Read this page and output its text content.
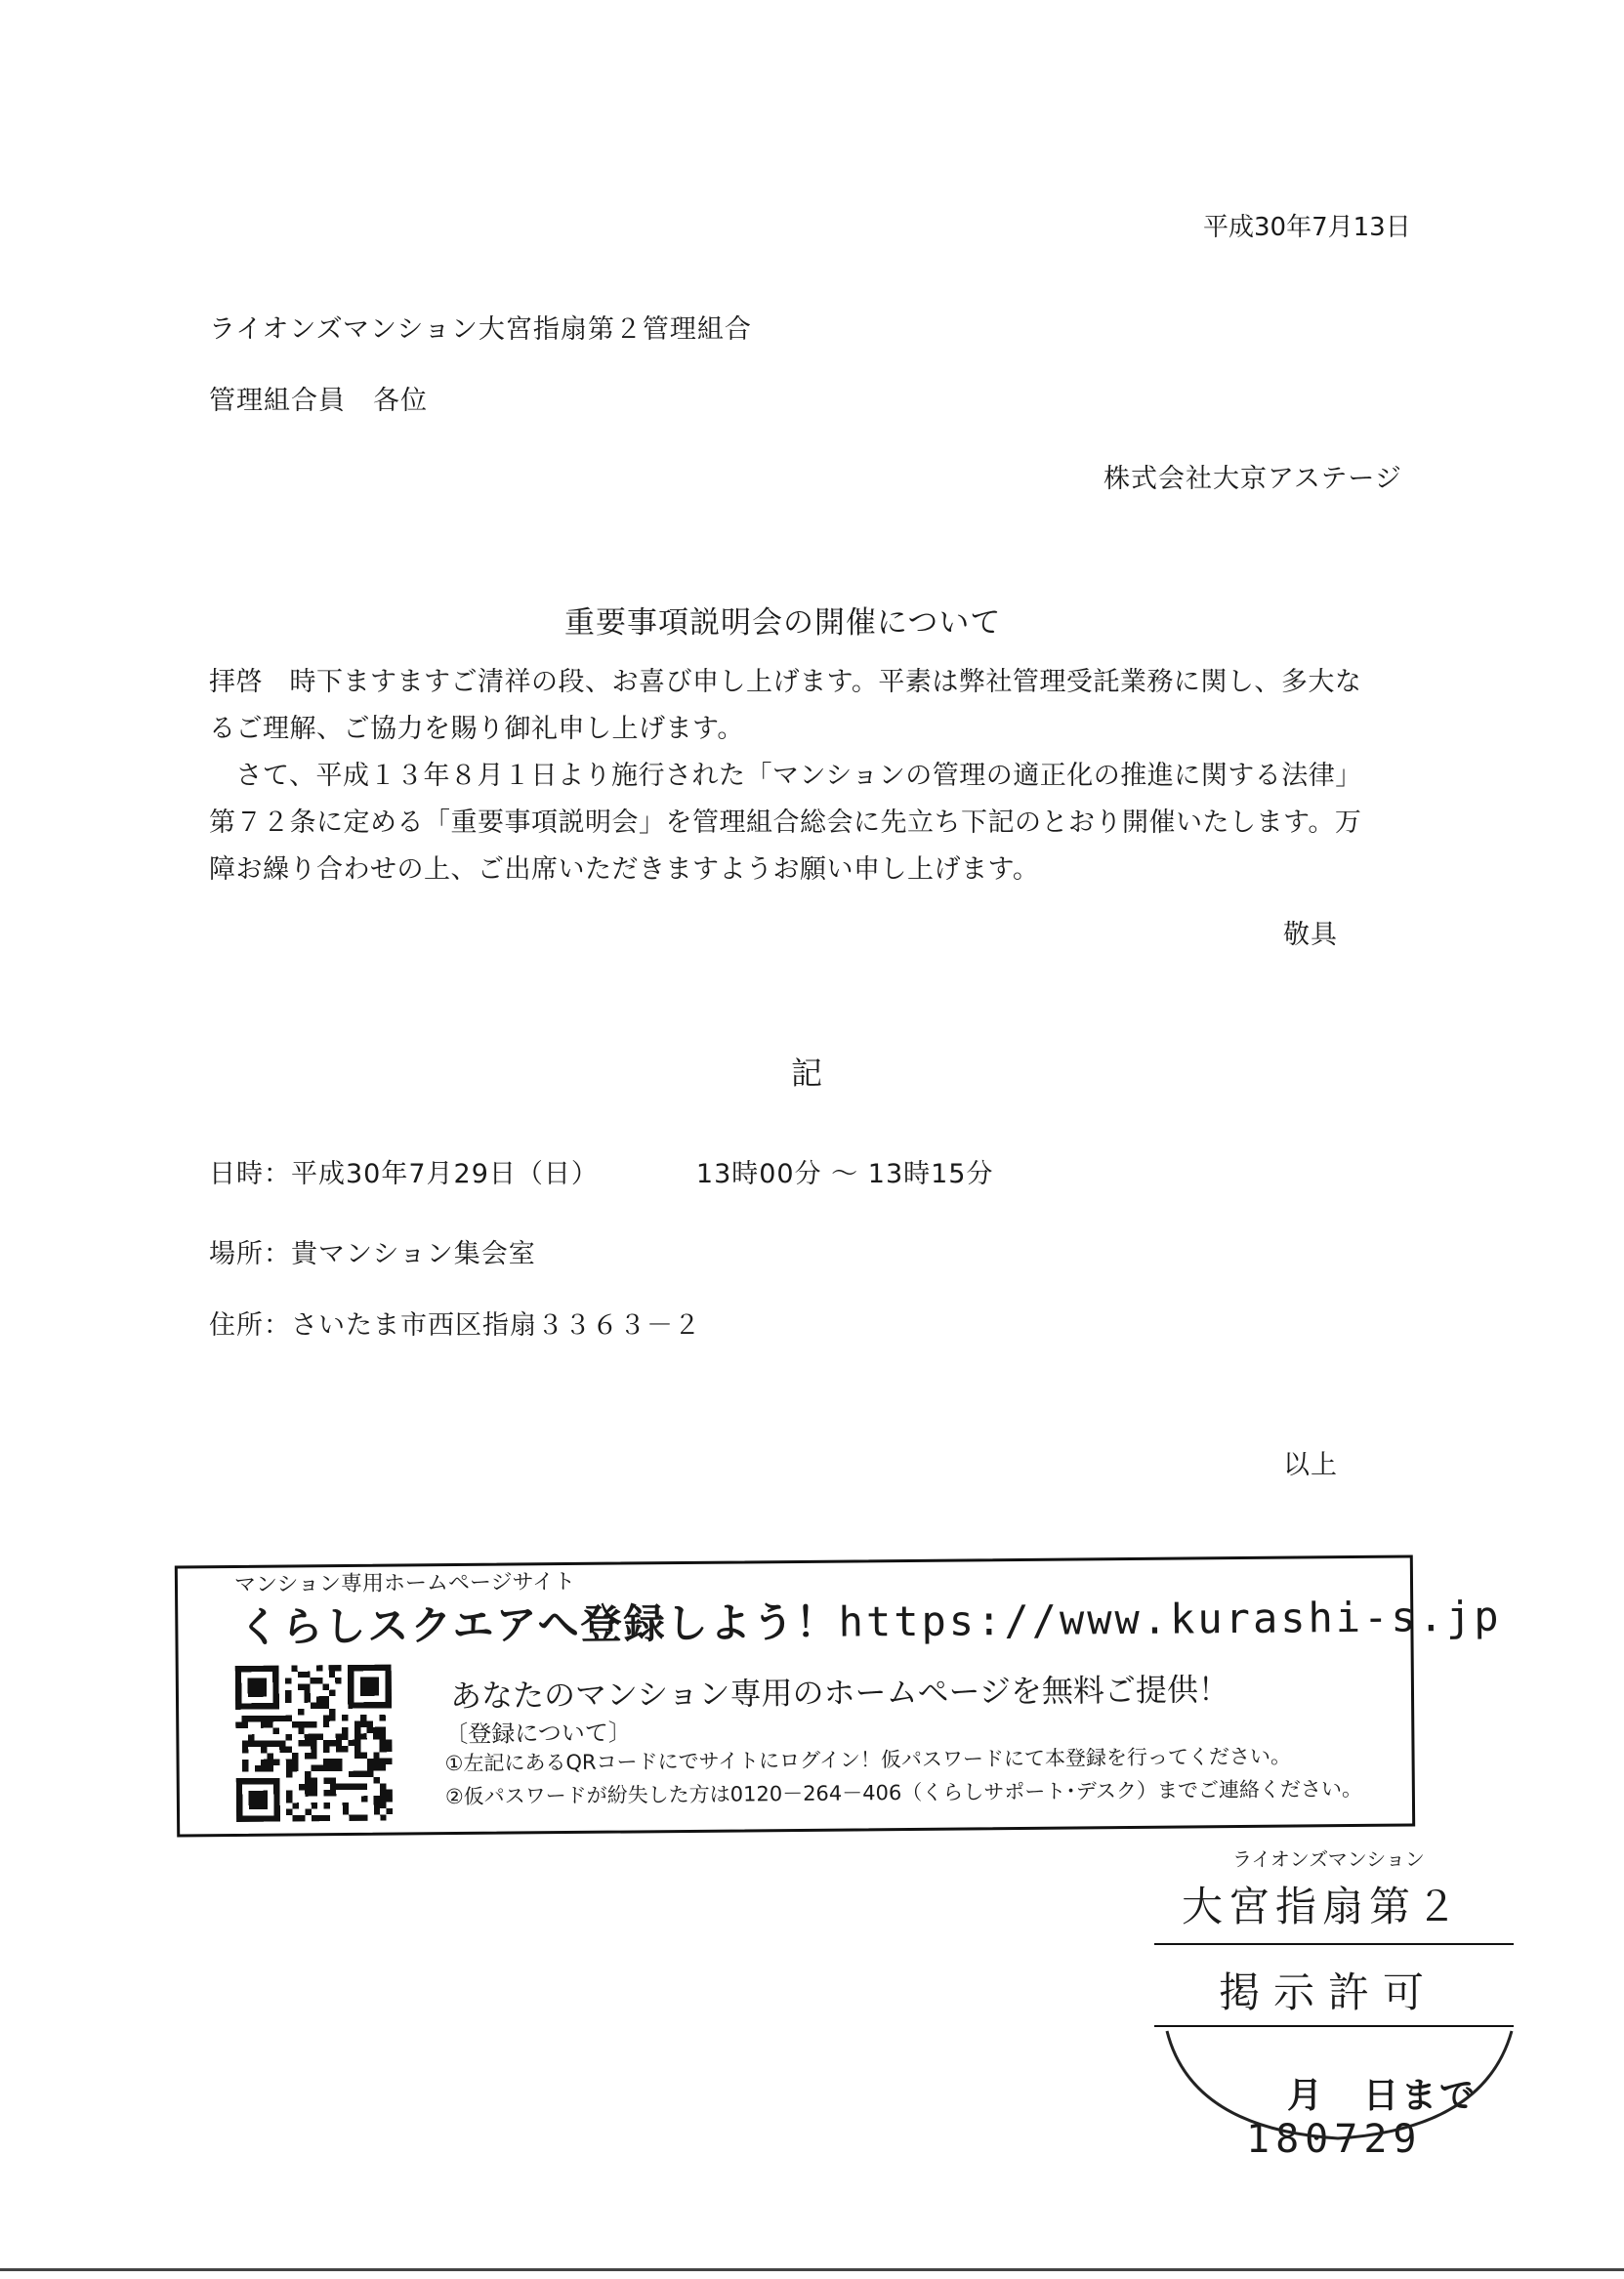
平成30年7月13日
ライオンズマンション大宮指扇第２管理組合
管理組合員　各位
株式会社大京アステージ
重要事項説明会の開催について

拝啓　時下ますますご清祥の段、お喜び申し上げます。平素は弊社管理受託業務に関し、多大な

るご理解、ご協力を賜り御礼申し上げます。

　さて、平成１３年８月１日より施行された「マンションの管理の適正化の推進に関する法律」

第７２条に定める「重要事項説明会」を管理組合総会に先立ち下記のとおり開催いたします。万

障お繰り合わせの上、ご出席いただきますようお願い申し上げます。

敬具
記
日時：平成30年7月29日（日）	13時00分 ～ 13時15分
場所：貴マンション集会室
住所：さいたま市西区指扇３３６３－２
以上
マンション専用ホームページサイト
くらしスクエアへ登録しよう！https://www.kurashi-s.jp
あなたのマンション専用のホームページを無料ご提供！
〔登録について〕
①左記にあるQRコードにでサイトにログイン！仮パスワードにて本登録を行ってください。
②仮パスワードが紛失した方は0120－264－406（くらしサポート･デスク）までご連絡ください。
ライオンズマンション
大宮指扇第２
掲示許可
月　日まで
180729
